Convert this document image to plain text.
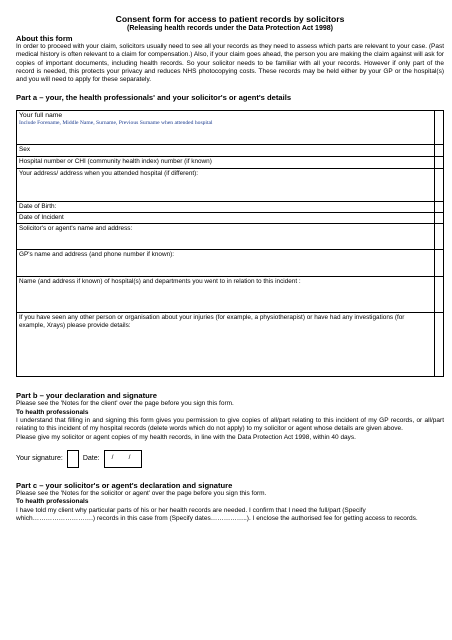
Consent form for access to patient records by solicitors
(Releasing health records under the Data Protection Act 1998)
About this form
In order to proceed with your claim, solicitors usually need to see all your records as they need to assess which parts are relevant to your case. (Past medical history is often relevant to a claim for compensation.) Also, if your claim goes ahead, the person you are making the claim against will ask for copies of important documents, including health records. So your solicitor needs to be familiar with all your records. However if only part of the record is needed, this protects your privacy and reduces NHS photocopying costs. These records may be held either by your GP or the hospital(s) and you will need to apply for these separately.
Part a – your, the health professionals' and your solicitor's or agent's details
Your full name
Include Forename, Middle Name, Surname, Previous Surname when attended hospital	

Sex	
Hospital number or CHI (community health index) number (if known)	
Your address/ address when you attended hospital (if different):	
Date of Birth:	
Date of Incident	
Solicitor's or agent's name and address:	
GP's name and address (and phone number if known):	
Name (and address if known) of hospital(s) and departments you went to in relation to this incident :	
If you have seen any other person or organisation about your injuries (for example, a physiotherapist) or have had any investigations (for example, Xrays) please provide details:	
Part b – your declaration and signature
Please see the 'Notes for the client' over the page before you sign this form.
To health professionals
I understand that filling in and signing this form gives you permission to give copies of all/part relating to this incident of my GP records, or all/part relating to this incident of my hospital records (delete words which do not apply) to my solicitor or agent whose details are given above.
Please give my solicitor or agent copies of my health records, in line with the Data Protection Act 1998, within 40 days.
Your signature:	Date: / /
Part c – your solicitor's or agent's declaration and signature
Please see the 'Notes for the solicitor or agent' over the page before you sign this form.
To health professionals
I have told my client why particular parts of his or her health records are needed. I confirm that I need the full/part (Specify which……………………….) records in this case from (Specify dates……………..). I enclose the authorised fee for getting access to records.
